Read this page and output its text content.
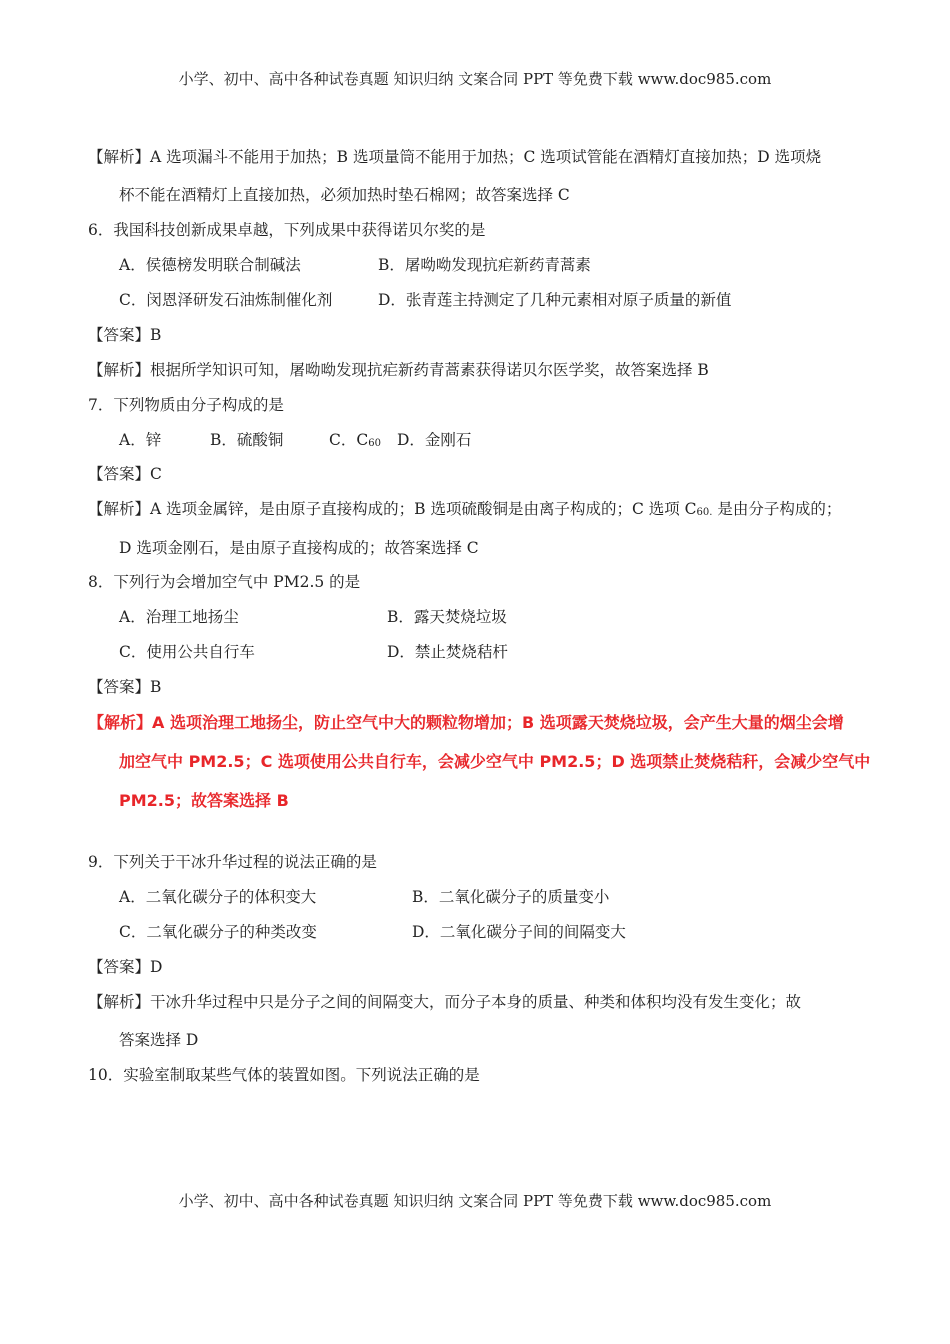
小学、初中、高中各种试卷真题 知识归纳 文案合同 PPT 等免费下载 www.doc985.com
【解析】A 选项漏斗不能用于加热；B 选项量筒不能用于加热；C 选项试管能在酒精灯直接加热；D 选项烧
杯不能在酒精灯上直接加热，必须加热时垫石棉网；故答案选择 C
6．我国科技创新成果卓越，下列成果中获得诺贝尔奖的是
A．侯德榜发明联合制碱法	B．屠呦呦发现抗疟新药青蒿素
C．闵恩泽研发石油炼制催化剂	D．张青莲主持测定了几种元素相对原子质量的新值
【答案】B
【解析】根据所学知识可知，屠呦呦发现抗疟新药青蒿素获得诺贝尔医学奖，故答案选择 B
7．下列物质由分子构成的是
A．锌	B．硫酸铜	C．$C_{60}$ D．金刚石
【答案】C
【解析】A 选项金属锌，是由原子直接构成的；B 选项硫酸铜是由离子构成的；C 选项 $C_{60.}$ 是由分子构成的；
D 选项金刚石，是由原子直接构成的；故答案选择 C
8．下列行为会增加空气中 PM2.5 的是
A．治理工地扬尘	B．露天焚烧垃圾
C．使用公共自行车	D．禁止焚烧秸杆
【答案】B
【解析】A 选项治理工地扬尘，防止空气中大的颗粒物增加；B 选项露天焚烧垃圾，会产生大量的烟尘会增
加空气中 PM2.5；C 选项使用公共自行车，会减少空气中 PM2.5；D 选项禁止焚烧秸秆，会减少空气中
PM2.5；故答案选择 B
9．下列关于干冰升华过程的说法正确的是
A．二氧化碳分子的体积变大	B．二氧化碳分子的质量变小
C．二氧化碳分子的种类改变	D．二氧化碳分子间的间隔变大
【答案】D
【解析】干冰升华过程中只是分子之间的间隔变大，而分子本身的质量、种类和体积均没有发生变化；故
答案选择 D
10．实验室制取某些气体的装置如图。下列说法正确的是
小学、初中、高中各种试卷真题 知识归纳 文案合同 PPT 等免费下载 www.doc985.com
